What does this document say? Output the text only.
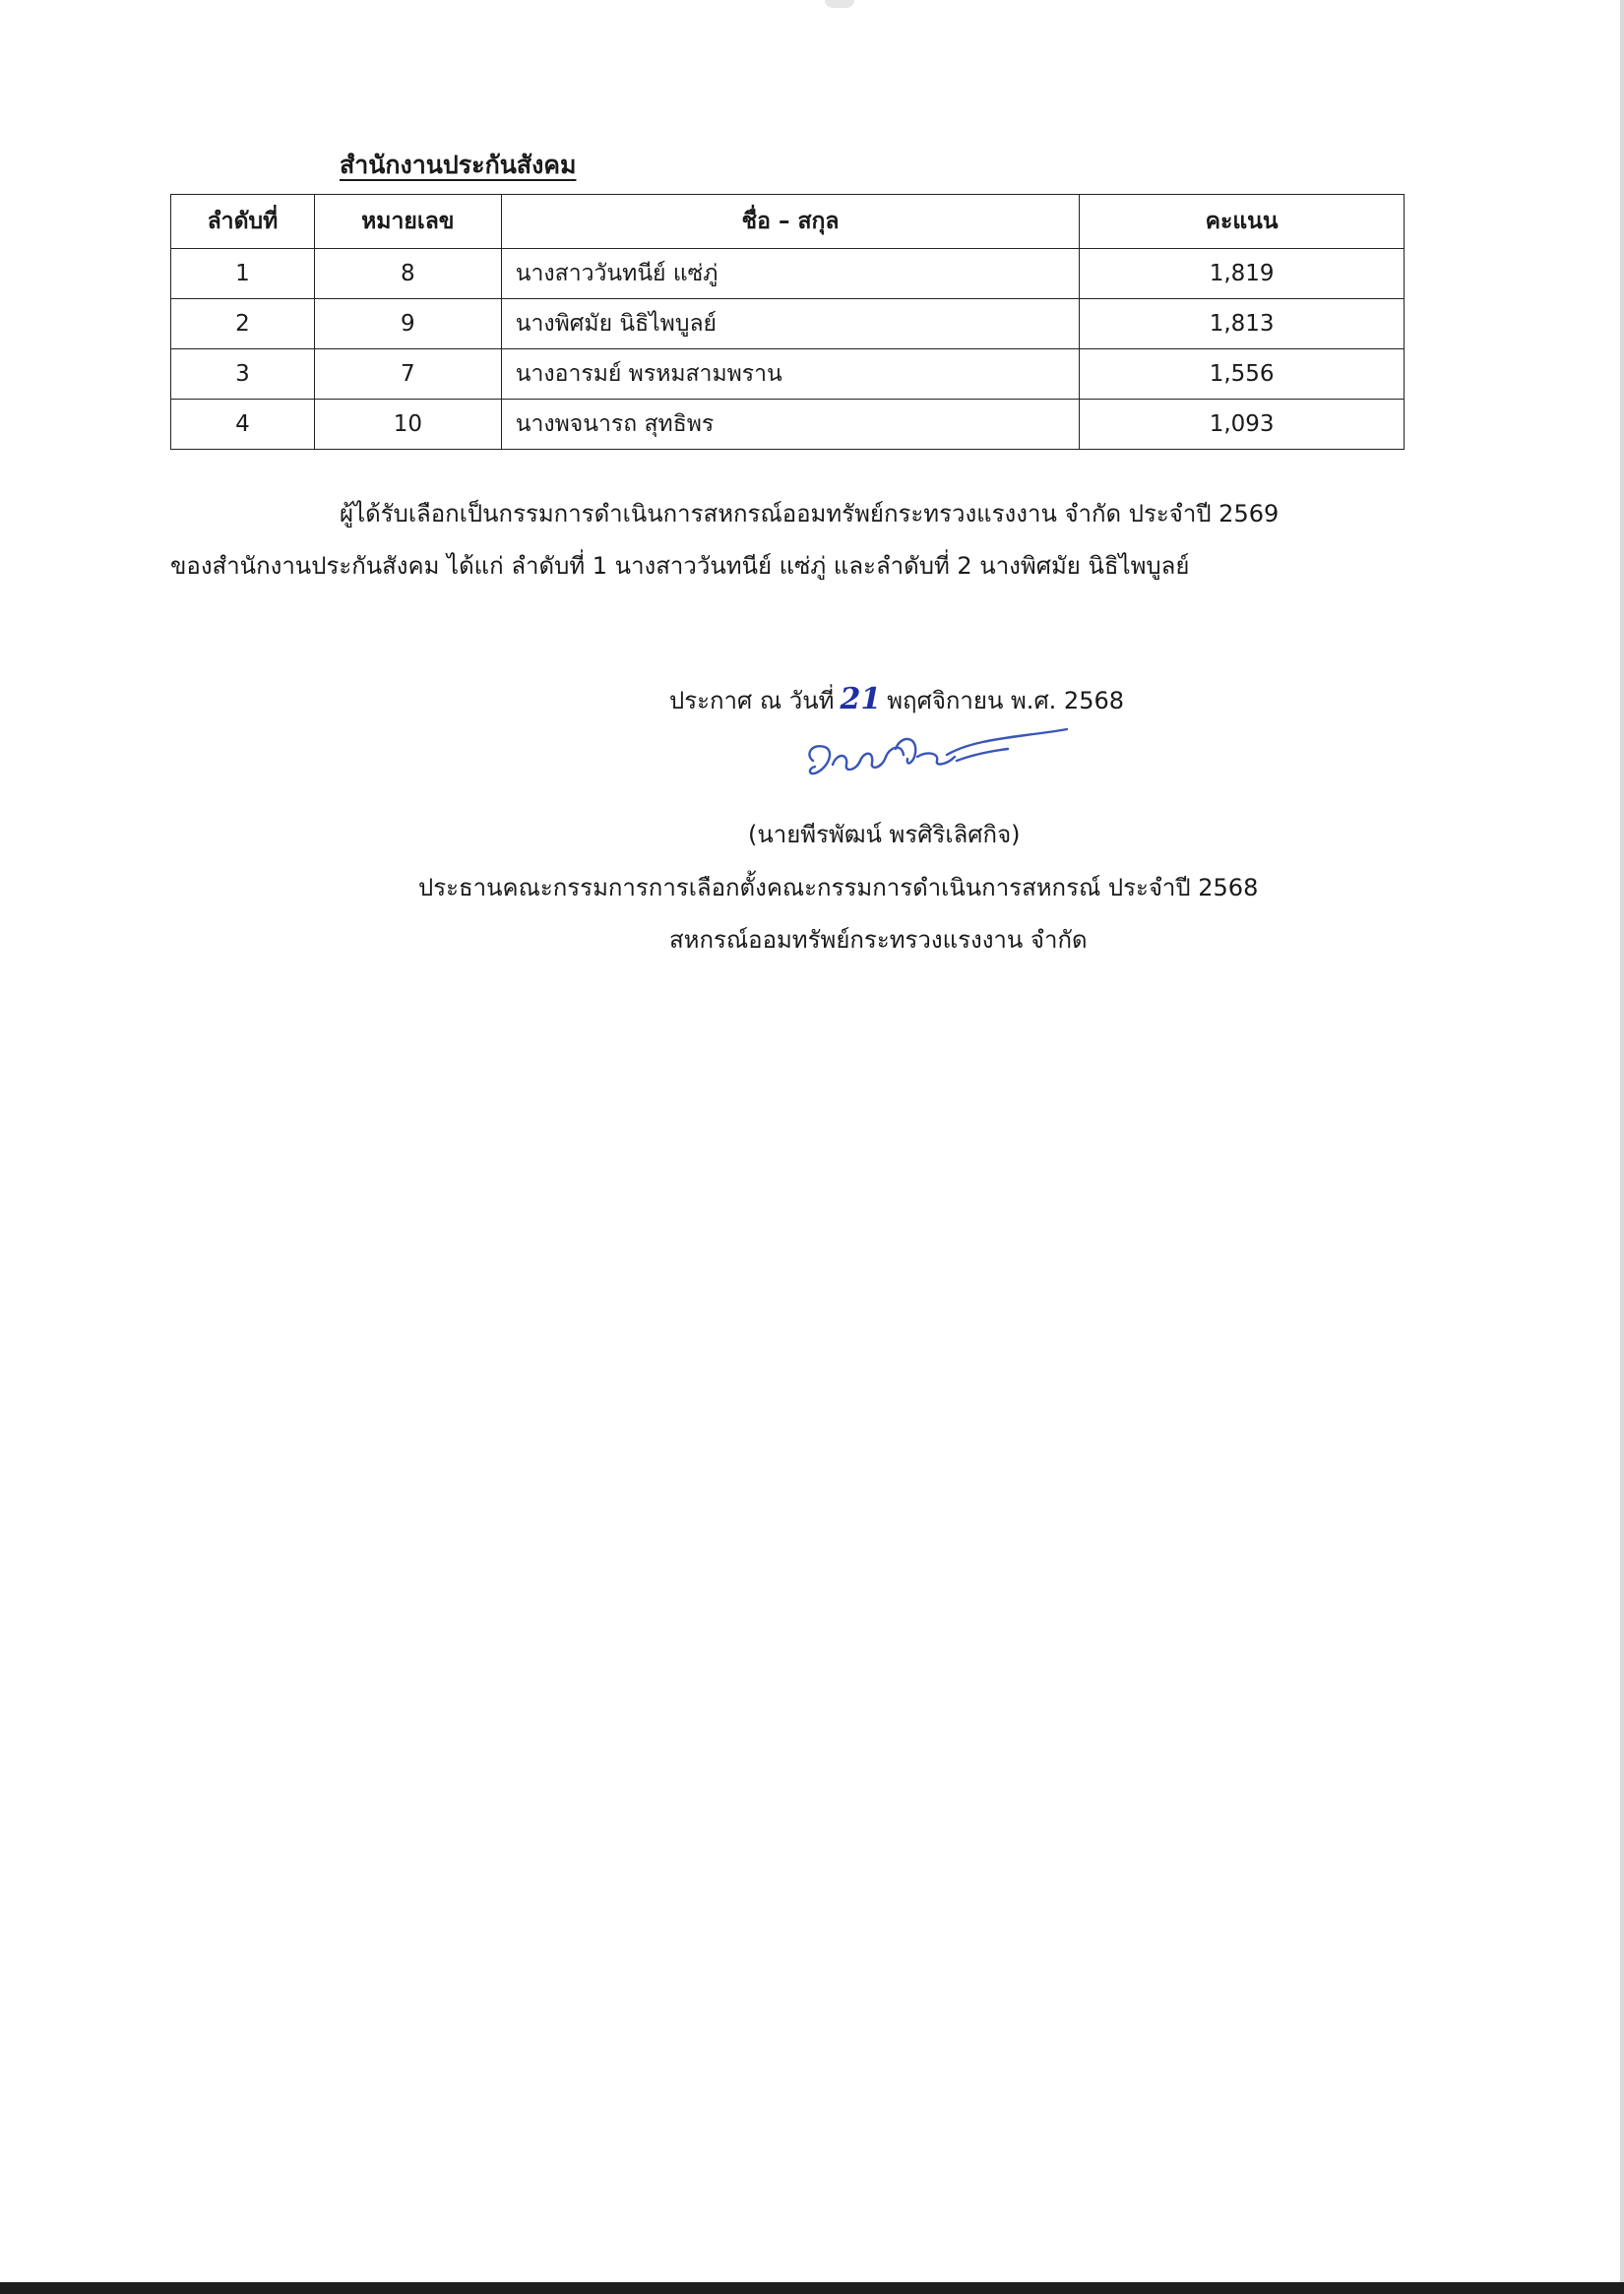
สำนักงานประกันสังคม
ลำดับที่	หมายเลข	ชื่อ – สกุล	คะแนน
1	8	นางสาววันทนีย์ แซ่ภู่	1,819
2	9	นางพิศมัย นิธิไพบูลย์	1,813
3	7	นางอารมย์ พรหมสามพราน	1,556
4	10	นางพจนารถ สุทธิพร	1,093
ผู้ได้รับเลือกเป็นกรรมการดำเนินการสหกรณ์ออมทรัพย์กระทรวงแรงงาน จำกัด ประจำปี 2569
ของสำนักงานประกันสังคม ได้แก่ ลำดับที่ 1 นางสาววันทนีย์ แซ่ภู่ และลำดับที่ 2 นางพิศมัย นิธิไพบูลย์
ประกาศ ณ วันที่ 21 พฤศจิกายน พ.ศ. 2568
(นายพีรพัฒน์ พรศิริเลิศกิจ)
ประธานคณะกรรมการการเลือกตั้งคณะกรรมการดำเนินการสหกรณ์ ประจำปี 2568
สหกรณ์ออมทรัพย์กระทรวงแรงงาน จำกัด
